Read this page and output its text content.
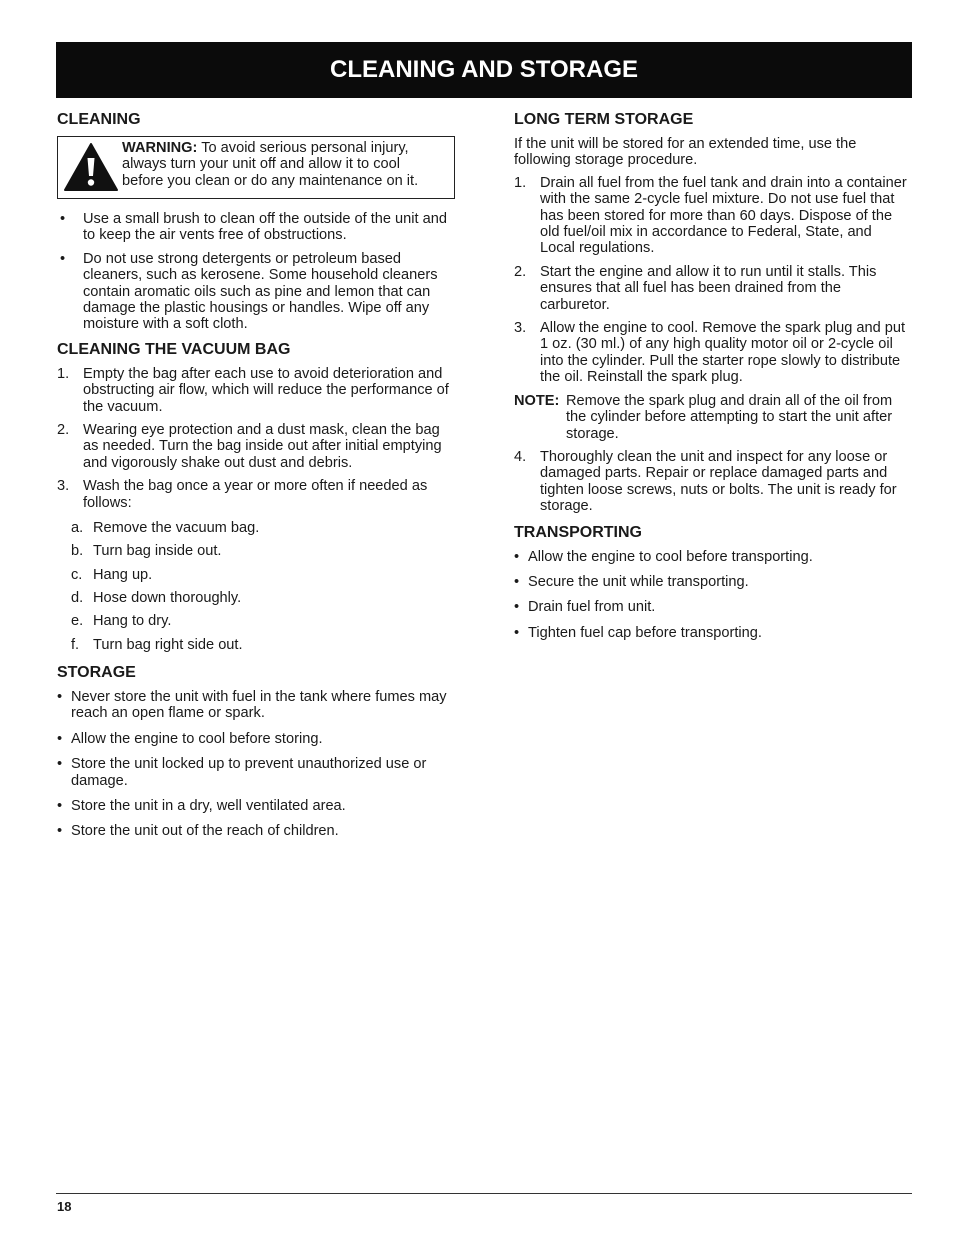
CLEANING AND STORAGE
CLEANING
WARNING: To avoid serious personal injury, always turn your unit off and allow it to cool before you clean or do any maintenance on it.
• Use a small brush to clean off the outside of the unit and to keep the air vents free of obstructions.
• Do not use strong detergents or petroleum based cleaners, such as kerosene. Some household cleaners contain aromatic oils such as pine and lemon that can damage the plastic housings or handles. Wipe off any moisture with a soft cloth.
CLEANING THE VACUUM BAG
1. Empty the bag after each use to avoid deterioration and obstructing air flow, which will reduce the performance of the vacuum.
2. Wearing eye protection and a dust mask, clean the bag as needed. Turn the bag inside out after initial emptying and vigorously shake out dust and debris.
3. Wash the bag once a year or more often if needed as follows:
a. Remove the vacuum bag.
b. Turn bag inside out.
c. Hang up.
d. Hose down thoroughly.
e. Hang to dry.
f. Turn bag right side out.
STORAGE
• Never store the unit with fuel in the tank where fumes may reach an open flame or spark.
• Allow the engine to cool before storing.
• Store the unit locked up to prevent unauthorized use or damage.
• Store the unit in a dry, well ventilated area.
• Store the unit out of the reach of children.
LONG TERM STORAGE

If the unit will be stored for an extended time, use the following storage procedure.

1. Drain all fuel from the fuel tank and drain into a container with the same 2-cycle fuel mixture. Do not use fuel that has been stored for more than 60 days. Dispose of the old fuel/oil mix in accordance to Federal, State, and Local regulations.
2. Start the engine and allow it to run until it stalls. This ensures that all fuel has been drained from the carburetor.
3. Allow the engine to cool. Remove the spark plug and put 1 oz. (30 ml.) of any high quality motor oil or 2-cycle oil into the cylinder. Pull the starter rope slowly to distribute the oil. Reinstall the spark plug.
NOTE: Remove the spark plug and drain all of the oil from the cylinder before attempting to start the unit after storage.
4. Thoroughly clean the unit and inspect for any loose or damaged parts. Repair or replace damaged parts and tighten loose screws, nuts or bolts. The unit is ready for storage.
TRANSPORTING
• Allow the engine to cool before transporting.
• Secure the unit while transporting.
• Drain fuel from unit.
• Tighten fuel cap before transporting.
18
